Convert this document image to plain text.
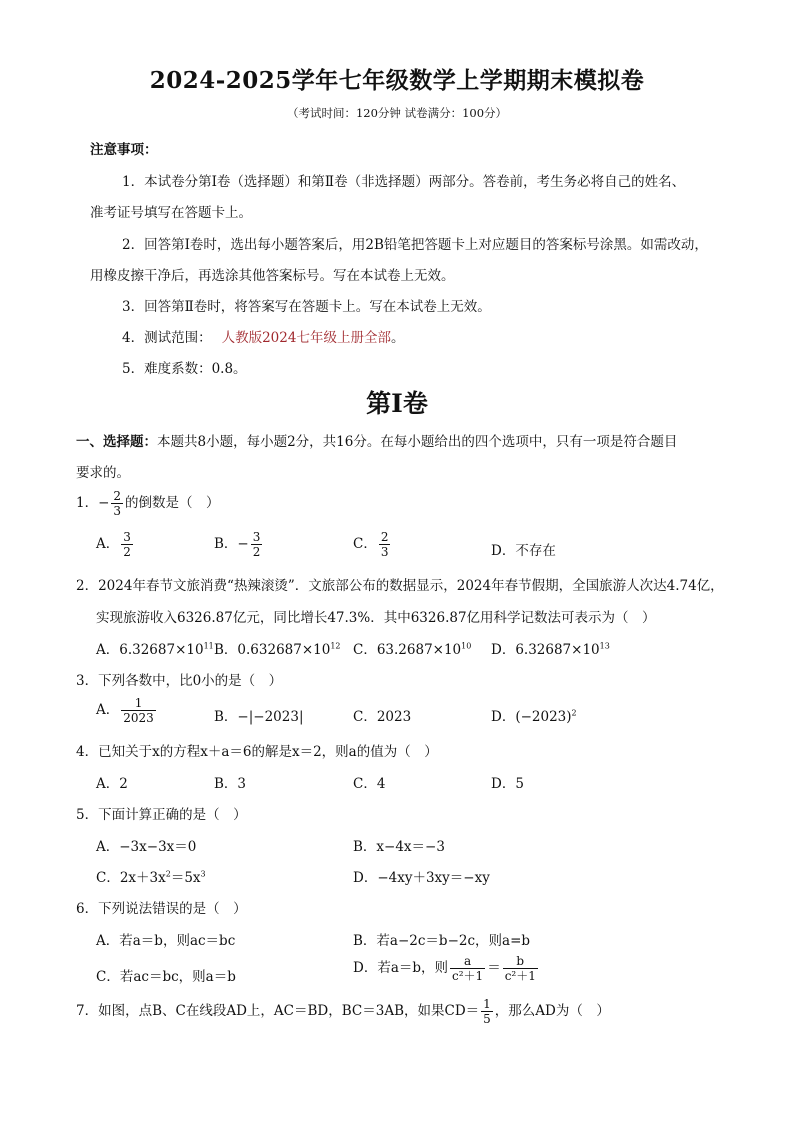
2024-2025学年七年级数学上学期期末模拟卷
（考试时间：120分钟 试卷满分：100分）
注意事项：
1．本试卷分第Ⅰ卷（选择题）和第Ⅱ卷（非选择题）两部分。答卷前，考生务必将自己的姓名、
准考证号填写在答题卡上。
2．回答第Ⅰ卷时，选出每小题答案后，用2B铅笔把答题卡上对应题目的答案标号涂黑。如需改动，
用橡皮擦干净后，再选涂其他答案标号。写在本试卷上无效。
3．回答第Ⅱ卷时，将答案写在答题卡上。写在本试卷上无效。
4．测试范围： 人教版2024七年级上册全部。
5．难度系数：0.8。
第Ⅰ卷
一、选择题：本题共8小题，每小题2分，共16分。在每小题给出的四个选项中，只有一项是符合题目
要求的。
1．− $\frac{2}{3}$ 的倒数是（　）
A． $\frac{3}{2}$	B．− $\frac{3}{2}$	C． $\frac{2}{3}$	D．不存在
2．2024年春节文旅消费“热辣滚烫”．文旅部公布的数据显示，2024年春节假期，全国旅游人次达4.74亿，
实现旅游收入6326.87亿元，同比增长47.3%．其中6326.87亿用科学记数法可表示为（　）
A．$6.32687\times 10^{11}$ B．$0.632687\times 10^{12}$ C．$63.2687\times 10^{10}$ D．$6.32687\times 10^{13}$
3．下列各数中，比0小的是（　）
A． $\frac{1}{2023}$	B．−|−2023|	C．2023	D．$(-2023)^2$
4．已知关于x的方程x＋a＝6的解是x＝2，则a的值为（　）
A．2	B．3	C．4	D．5
5．下面计算正确的是（　）
A．−3x−3x＝0	B．x−4x＝−3
C．$2x+3x^2=5x^3$	D．−4xy＋3xy＝−xy
6．下列说法错误的是（　）
A．若a＝b，则ac＝bc	B．若a−2c＝b−2c，则a=b
C．若ac＝bc，则a＝b
D．若a＝b，则 $\frac{a}{\text{c²＋1}} = \frac{b}{\text{c²＋1}}$
7．如图，点B、C在线段AD上，AC＝BD，BC＝3AB，如果$CD= \frac{1}{5}$ ，那么AD为（　）
